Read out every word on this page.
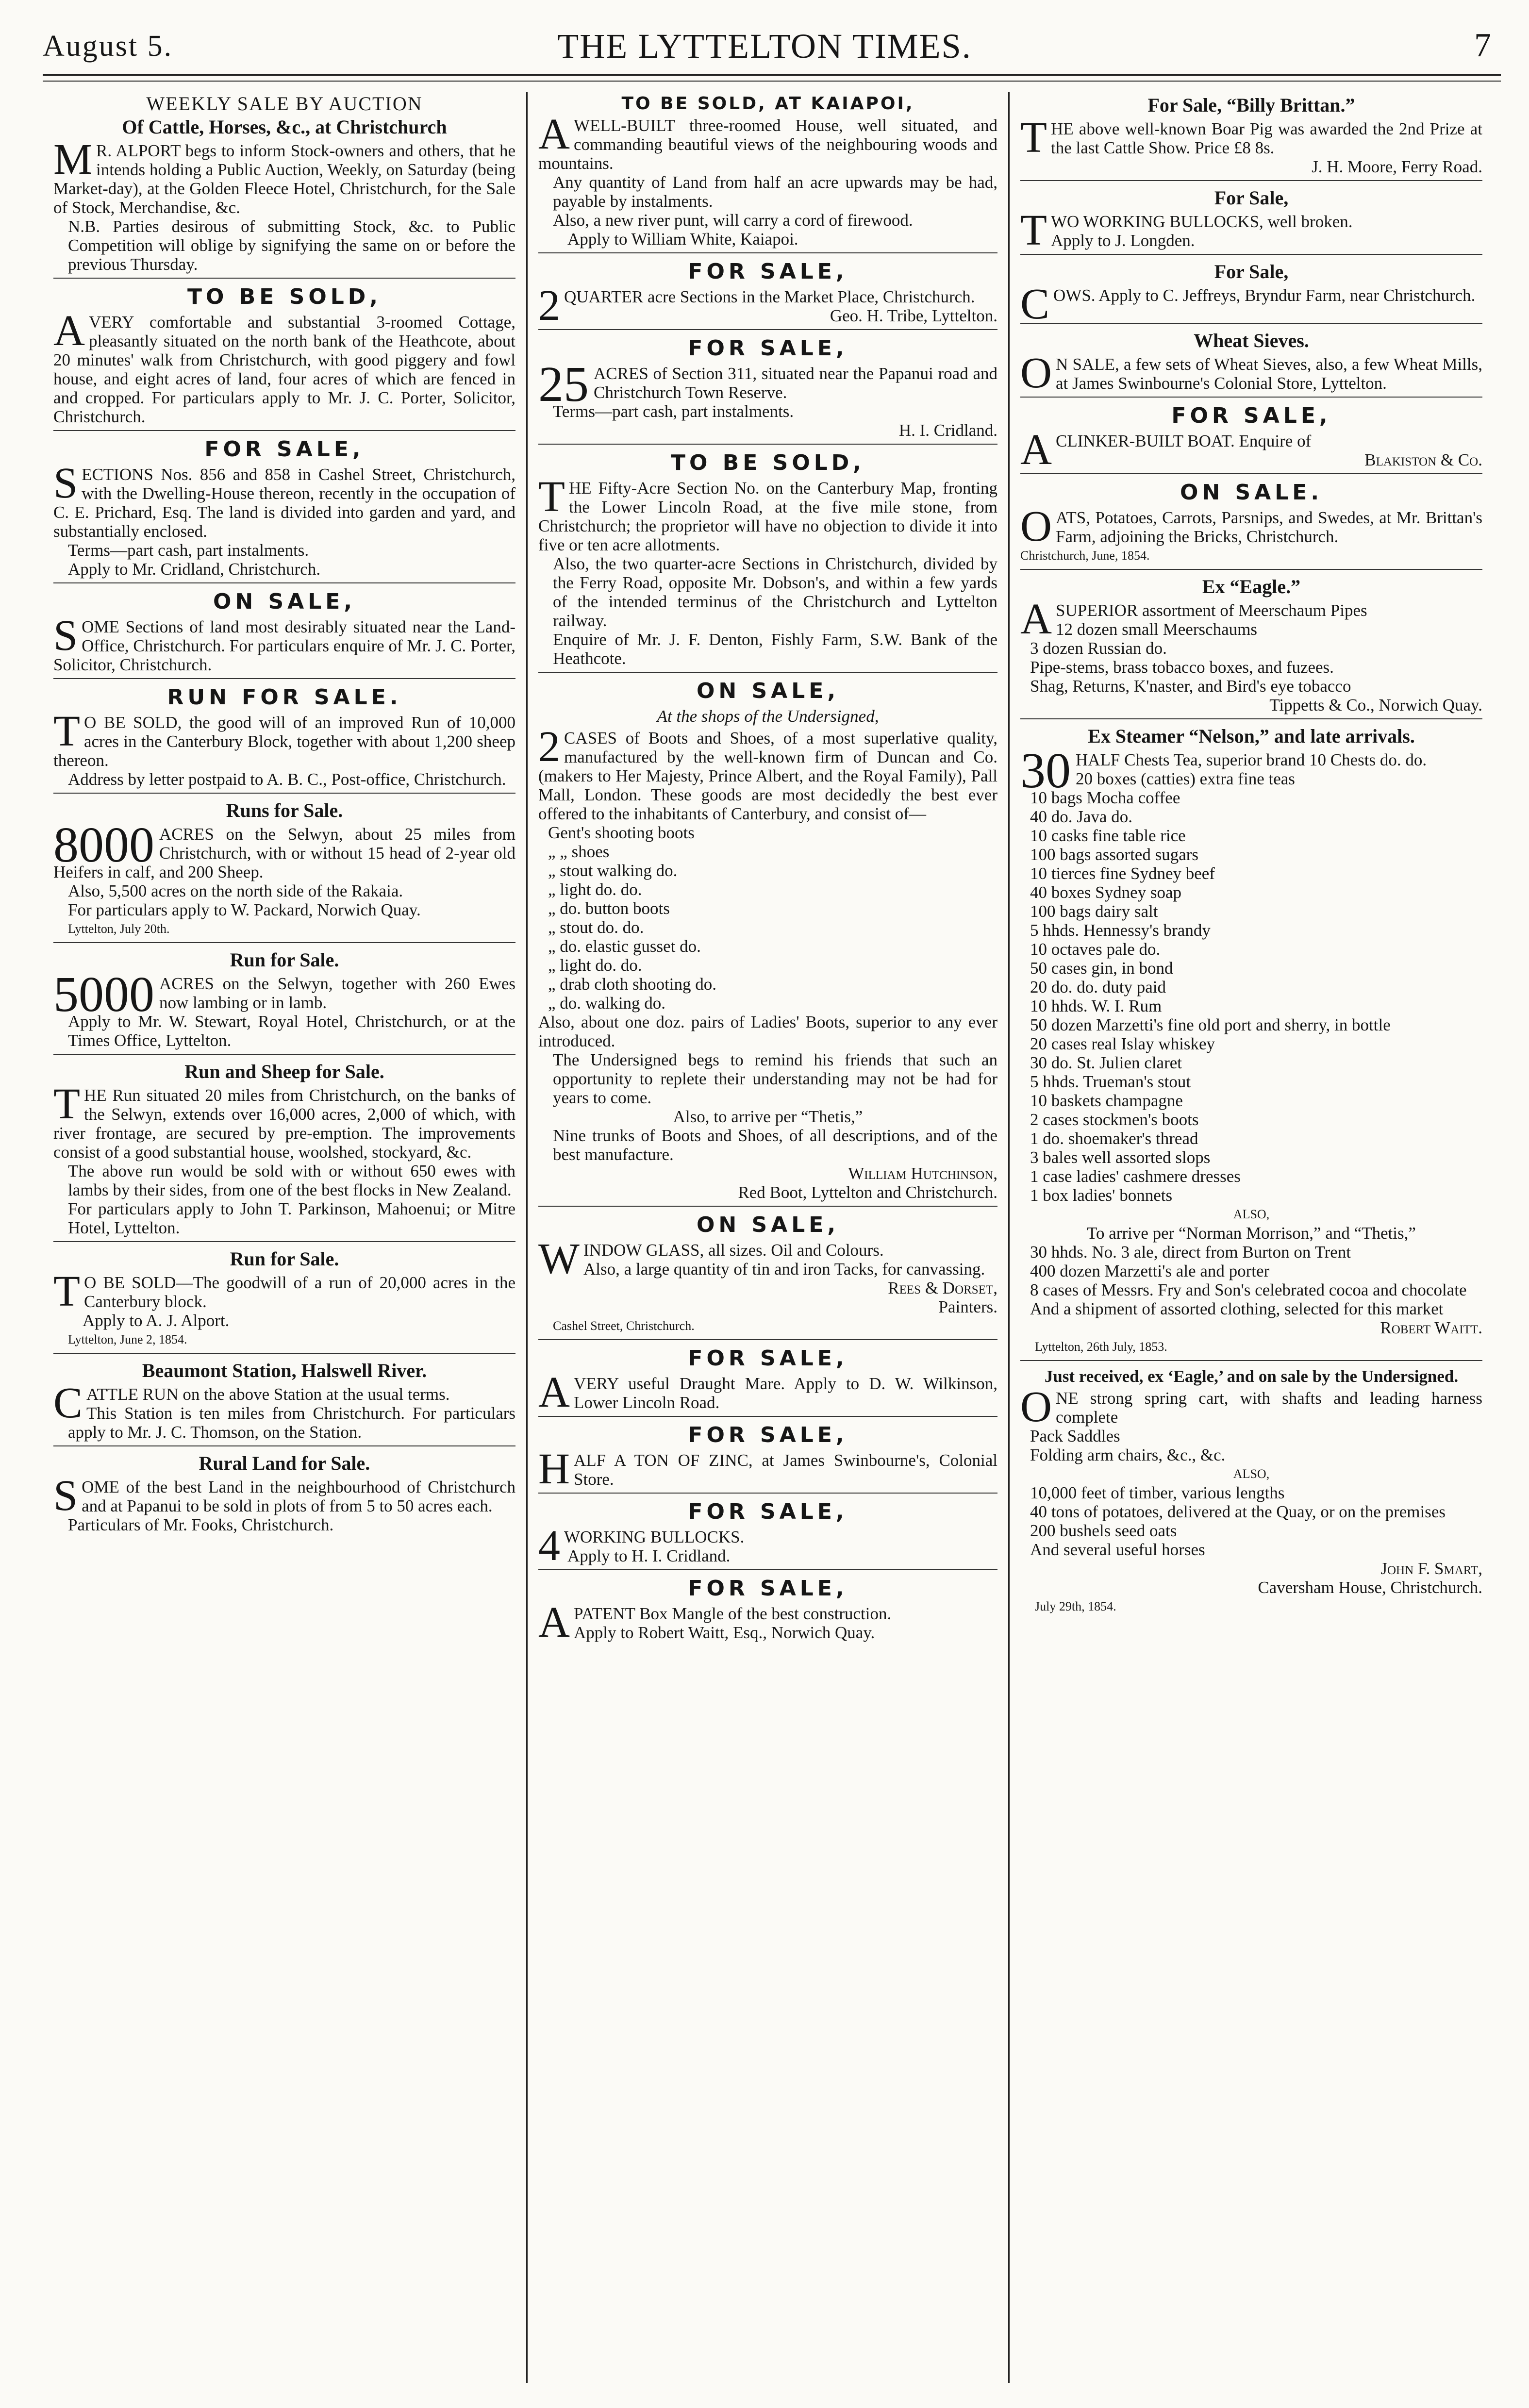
August 5.	THE LYTTELTON TIMES.	7
WEEKLY SALE BY AUCTION
Of Cattle, Horses, &c., at Christchurch

M R. ALPORT begs to inform Stock-owners and others, that he intends holding a Public Auction, Weekly, on Saturday (being Market-day), at the Golden Fleece Hotel, Christchurch, for the Sale of Stock, Merchandise, &c.

N.B. Parties desirous of submitting Stock, &c. to Public Competition will oblige by signifying the same on or before the previous Thursday.

TO BE SOLD,

AVERY comfortable and substantial 3-roomed Cottage, pleasantly situated on the north bank of the Heathcote, about 20 minutes' walk from Christchurch, with good piggery and fowl house, and eight acres of land, four acres of which are fenced in and cropped. For particulars apply to Mr. J. C. Porter, Solicitor, Christchurch.

FOR SALE,

SECTIONS Nos. 856 and 858 in Cashel Street, Christchurch, with the Dwelling-House thereon, recently in the occupation of C. E. Prichard, Esq. The land is divided into garden and yard, and substantially enclosed.

Terms—part cash, part instalments.

Apply to Mr. Cridland, Christchurch.

ON SALE,

SOME Sections of land most desirably situated near the Land-Office, Christchurch. For particulars enquire of Mr. J. C. Porter, Solicitor, Christchurch.

RUN FOR SALE.

T O BE SOLD, the good will of an improved Run of 10,000 acres in the Canterbury Block, together with about 1,200 sheep thereon.

Address by letter postpaid to A. B. C., Post-office, Christchurch.

Runs for Sale.

8000 ACRES on the Selwyn, about 25 miles from Christchurch, with or without 15 head of 2-year old Heifers in calf, and 200 Sheep.

Also, 5,500 acres on the north side of the Rakaia.

For particulars apply to W. Packard, Norwich Quay.

Lyttelton, July 20th.

Run for Sale.

5000 ACRES on the Selwyn, together with 260 Ewes now lambing or in lamb.

Apply to Mr. W. Stewart, Royal Hotel, Christchurch, or at the Times Office, Lyttelton.

Run and Sheep for Sale.

THE Run situated 20 miles from Christchurch, on the banks of the Selwyn, extends over 16,000 acres, 2,000 of which, with river frontage, are secured by pre-emption. The improvements consist of a good substantial house, woolshed, stockyard, &c.

The above run would be sold with or without 650 ewes with lambs by their sides, from one of the best flocks in New Zealand.

For particulars apply to John T. Parkinson, Mahoenui; or Mitre Hotel, Lyttelton.

Run for Sale.

T O BE SOLD—The goodwill of a run of 20,000 acres in the Canterbury block.

Apply to A. J. Alport.

Lyttelton, June 2, 1854.

Beaumont Station, Halswell River.

CATTLE RUN on the above Station at the usual terms.

This Station is ten miles from Christchurch. For particulars apply to Mr. J. C. Thomson, on the Station.

Rural Land for Sale.

SOME of the best Land in the neighbourhood of Christchurch and at Papanui to be sold in plots of from 5 to 50 acres each.

Particulars of Mr. Fooks, Christchurch.

TO BE SOLD, AT KAIAPOI,

AWELL-BUILT three-roomed House, well situated, and commanding beautiful views of the neighbouring woods and mountains.

Any quantity of Land from half an acre upwards may be had, payable by instalments.

Also, a new river punt, will carry a cord of firewood.

Apply to William White, Kaiapoi.

FOR SALE,

2 QUARTER acre Sections in the Market Place, Christchurch.

Geo. H. Tribe, Lyttelton.

FOR SALE,

25 ACRES of Section 311, situated near the Papanui road and Christchurch Town Reserve.

Terms—part cash, part instalments.

H. I. Cridland.

TO BE SOLD,

THE Fifty-Acre Section No. on the Canterbury Map, fronting the Lower Lincoln Road, at the five mile stone, from Christchurch; the proprietor will have no objection to divide it into five or ten acre allotments.

Also, the two quarter-acre Sections in Christchurch, divided by the Ferry Road, opposite Mr. Dobson's, and within a few yards of the intended terminus of the Christchurch and Lyttelton railway.

Enquire of Mr. J. F. Denton, Fishly Farm, S.W. Bank of the Heathcote.

ON SALE,
At the shops of the Undersigned,

2 CASES of Boots and Shoes, of a most superlative quality, manufactured by the well-known firm of Duncan and Co. (makers to Her Majesty, Prince Albert, and the Royal Family), Pall Mall, London. These goods are most decidedly the best ever offered to the inhabitants of Canterbury, and consist of—

Gent's shooting boots
„ „ shoes
„ stout walking do.
„ light do. do.
„ do. button boots
„ stout do. do.
„ do. elastic gusset do.
„ light do. do.
„ drab cloth shooting do.
„ do. walking do.

Also, about one doz. pairs of Ladies' Boots, superior to any ever introduced.

The Undersigned begs to remind his friends that such an opportunity to replete their understanding may not be had for years to come.

Also, to arrive per “Thetis,”

Nine trunks of Boots and Shoes, of all descriptions, and of the best manufacture.

William Hutchinson,

Red Boot, Lyttelton and Christchurch.

ON SALE,

WINDOW GLASS, all sizes. Oil and Colours.

Also, a large quantity of tin and iron Tacks, for canvassing.

Rees & Dorset,

Painters.

Cashel Street, Christchurch.

FOR SALE,

AVERY useful Draught Mare. Apply to D. W. Wilkinson, Lower Lincoln Road.

FOR SALE,

HALF A TON OF ZINC, at James Swinbourne's, Colonial Store.

FOR SALE,

4 WORKING BULLOCKS.

Apply to H. I. Cridland.

FOR SALE,

APATENT Box Mangle of the best construction.

Apply to Robert Waitt, Esq., Norwich Quay.

For Sale, “Billy Brittan.”

THE above well-known Boar Pig was awarded the 2nd Prize at the last Cattle Show. Price £8 8s.

J. H. Moore, Ferry Road.

For Sale,

TWO WORKING BULLOCKS, well broken.

Apply to J. Longden.

For Sale,

COWS. Apply to C. Jeffreys, Bryndur Farm, near Christchurch.

Wheat Sieves.

O N SALE, a few sets of Wheat Sieves, also, a few Wheat Mills, at James Swinbourne's Colonial Store, Lyttelton.

FOR SALE,

ACLINKER-BUILT BOAT. Enquire of

Blakiston & Co.

ON SALE.

OATS, Potatoes, Carrots, Parsnips, and Swedes, at Mr. Brittan's Farm, adjoining the Bricks, Christchurch.

Christchurch, June, 1854.

Ex “Eagle.”

ASUPERIOR assortment of Meerschaum Pipes

12 dozen small Meerschaums
3 dozen Russian do.
Pipe-stems, brass tobacco boxes, and fuzees.
Shag, Returns, K'naster, and Bird's eye tobacco

Tippetts & Co., Norwich Quay.

Ex Steamer “Nelson,” and late arrivals.

30 HALF Chests Tea, superior brand 10 Chests do. do.

20 boxes (catties) extra fine teas
10 bags Mocha coffee
40 do. Java do.
10 casks fine table rice
100 bags assorted sugars
10 tierces fine Sydney beef
40 boxes Sydney soap
100 bags dairy salt
5 hhds. Hennessy's brandy
10 octaves pale do.
50 cases gin, in bond
20 do. do. duty paid
10 hhds. W. I. Rum
50 dozen Marzetti's fine old port and sherry, in bottle
20 cases real Islay whiskey
30 do. St. Julien claret
5 hhds. Trueman's stout
10 baskets champagne
2 cases stockmen's boots
1 do. shoemaker's thread
3 bales well assorted slops
1 case ladies' cashmere dresses
1 box ladies' bonnets

ALSO,

To arrive per “Norman Morrison,” and “Thetis,”

30 hhds. No. 3 ale, direct from Burton on Trent
400 dozen Marzetti's ale and porter
8 cases of Messrs. Fry and Son's celebrated cocoa and chocolate
And a shipment of assorted clothing, selected for this market

Robert Waitt.

Lyttelton, 26th July, 1853.

Just received, ex ‘Eagle,’ and on sale by the Undersigned.

ONE strong spring cart, with shafts and leading harness complete

Pack Saddles
Folding arm chairs, &c., &c.

ALSO,

10,000 feet of timber, various lengths
40 tons of potatoes, delivered at the Quay, or on the premises
200 bushels seed oats
And several useful horses

John F. Smart,

Caversham House, Christchurch.

July 29th, 1854.
